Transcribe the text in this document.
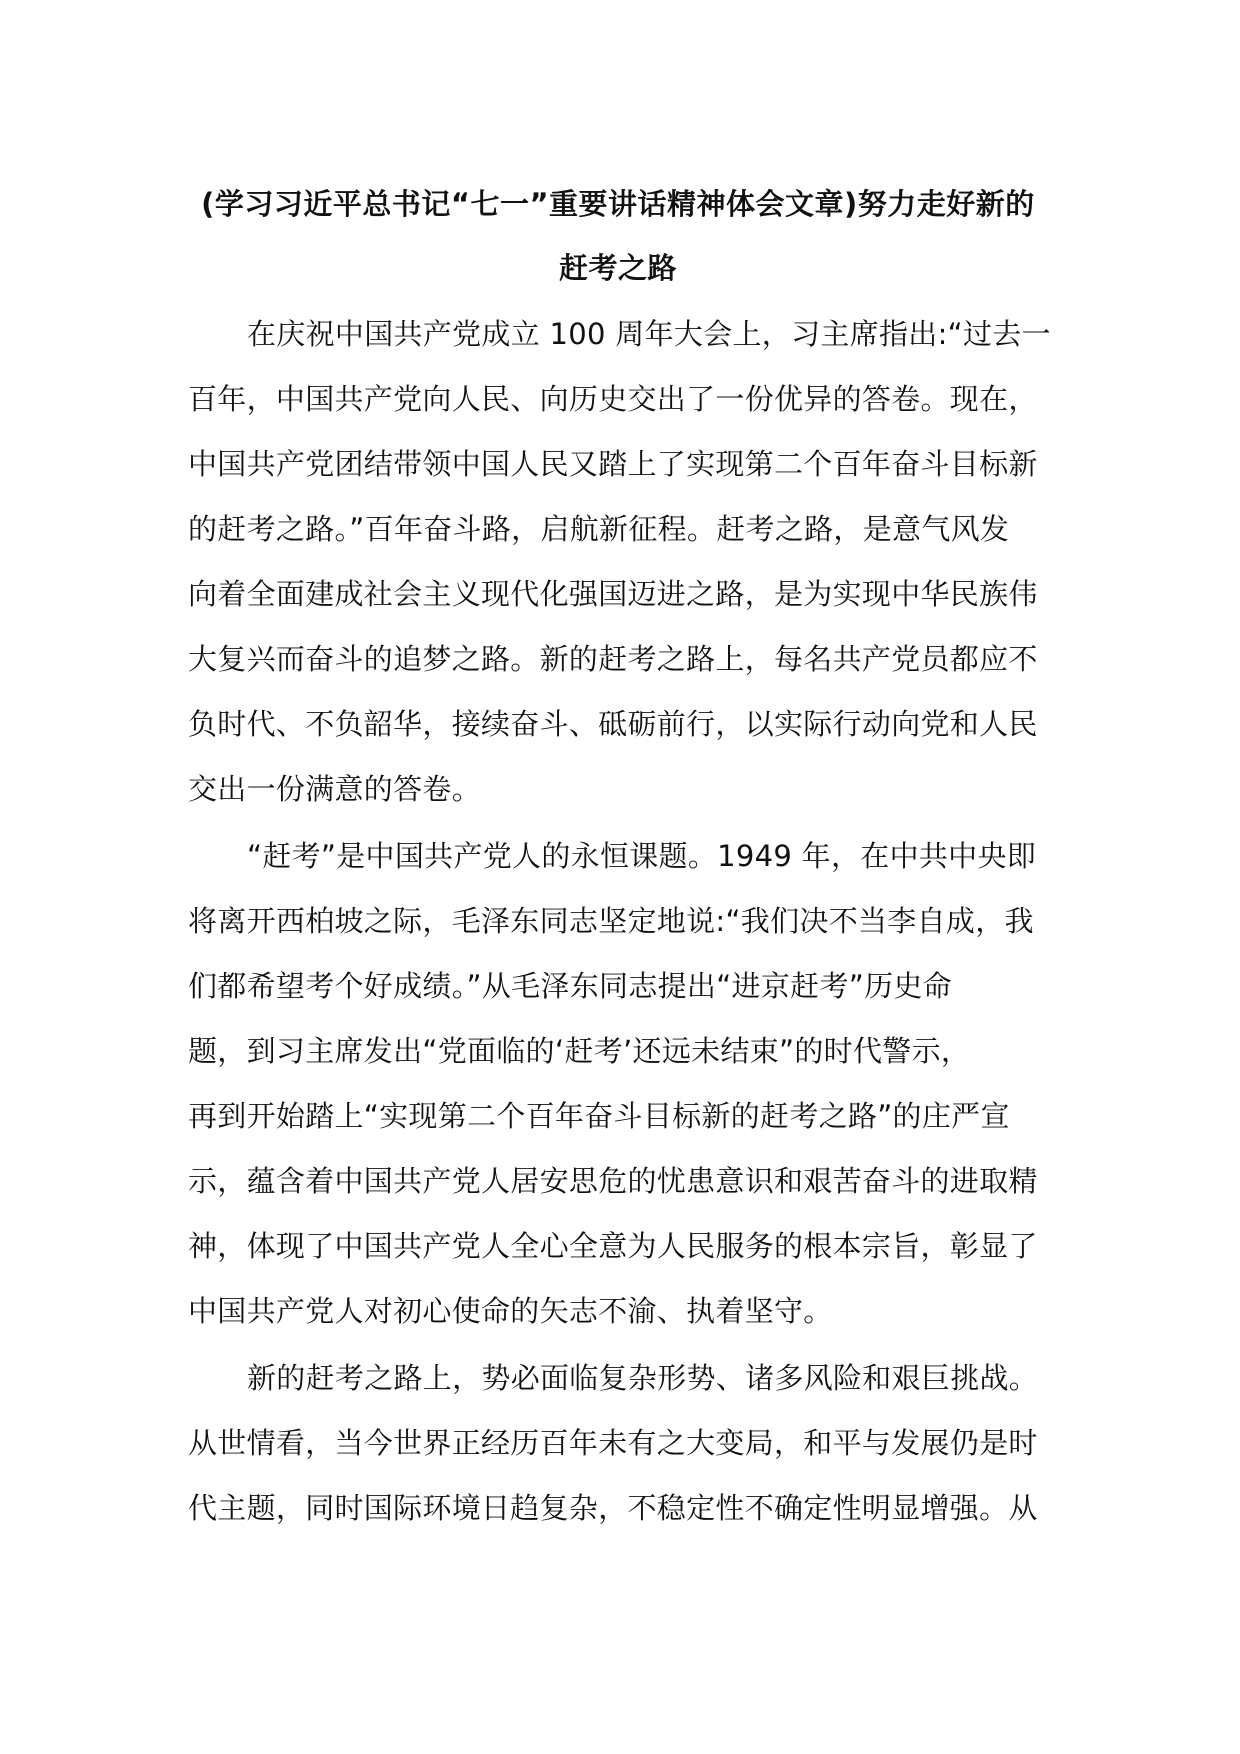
(学习习近平总书记“七一”重要讲话精神体会文章)努力走好新的
赶考之路
在庆祝中国共产党成立 100 周年大会上，习主席指出:“过去一
百年，中国共产党向人民、向历史交出了一份优异的答卷。现在，
中国共产党团结带领中国人民又踏上了实现第二个百年奋斗目标新
的赶考之路。”百年奋斗路，启航新征程。赶考之路，是意气风发
向着全面建成社会主义现代化强国迈进之路，是为实现中华民族伟
大复兴而奋斗的追梦之路。新的赶考之路上，每名共产党员都应不
负时代、不负韶华，接续奋斗、砥砺前行，以实际行动向党和人民
交出一份满意的答卷。
“赶考”是中国共产党人的永恒课题。1949 年，在中共中央即
将离开西柏坡之际，毛泽东同志坚定地说:“我们决不当李自成，我
们都希望考个好成绩。”从毛泽东同志提出“进京赶考”历史命
题，到习主席发出“党面临的‘赶考’还远未结束”的时代警示，
再到开始踏上“实现第二个百年奋斗目标新的赶考之路”的庄严宣
示，蕴含着中国共产党人居安思危的忧患意识和艰苦奋斗的进取精
神，体现了中国共产党人全心全意为人民服务的根本宗旨，彰显了
中国共产党人对初心使命的矢志不渝、执着坚守。
新的赶考之路上，势必面临复杂形势、诸多风险和艰巨挑战。
从世情看，当今世界正经历百年未有之大变局，和平与发展仍是时
代主题，同时国际环境日趋复杂，不稳定性不确定性明显增强。从
